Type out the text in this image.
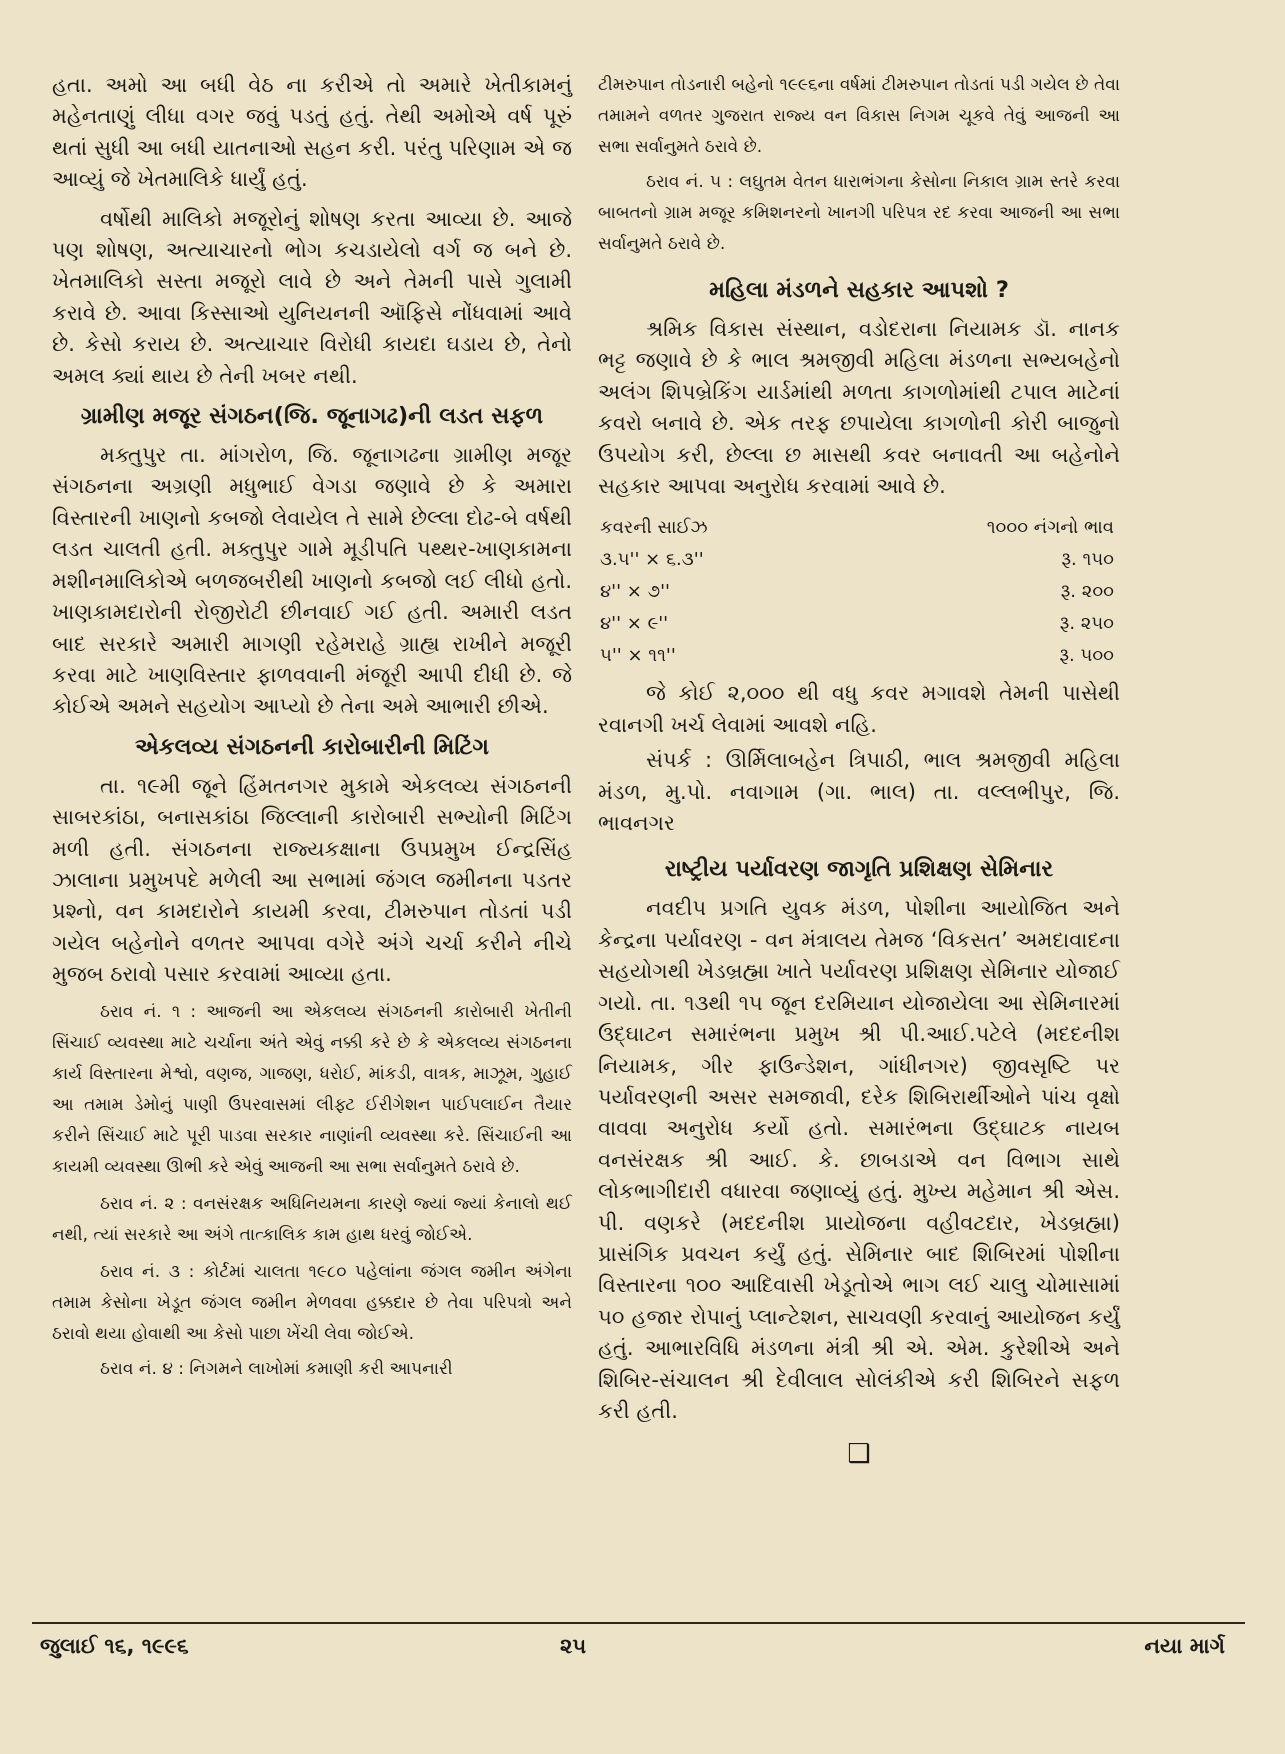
હતા. અમો આ બધી વેઠ ના કરીએ તો અમારે ખેતીકામનું મહેનતાણું લીધા વગર જવું પડતું હતું. તેથી અમોએ વર્ષ પૂરું થતાં સુધી આ બધી યાતનાઓ સહન કરી. પરંતુ પરિણામ એ જ આવ્યું જે ખેતમાલિકે ધાર્યું હતું.

વર્ષોથી માલિકો મજૂરોનું શોષણ કરતા આવ્યા છે. આજે પણ શોષણ, અત્યાચારનો ભોગ કચડાયેલો વર્ગ જ બને છે. ખેતમાલિકો સસ્તા મજૂરો લાવે છે અને તેમની પાસે ગુલામી કરાવે છે. આવા કિસ્સાઓ યુનિયનની ઑફિસે નોંધવામાં આવે છે. કેસો કરાય છે. અત્યાચાર વિરોધી કાયદા ઘડાય છે, તેનો અમલ ક્યાં થાય છે તેની ખબર નથી.

ગ્રામીણ મજૂર સંગઠન(જિ. જૂનાગઢ)ની લડત સફળ

મક્તુપુર તા. માંગરોળ, જિ. જૂનાગઢના ગ્રામીણ મજૂર સંગઠનના અગ્રણી મધુભાઈ વેગડા જણાવે છે કે અમારા વિસ્તારની ખાણનો કબજો લેવાયેલ તે સામે છેલ્લા દોઢ-બે વર્ષથી લડત ચાલતી હતી. મક્તુપુર ગામે મૂડીપતિ પથ્થર-ખાણકામના મશીનમાલિકોએ બળજબરીથી ખાણનો કબજો લઈ લીધો હતો. ખાણકામદારોની રોજીરોટી છીનવાઈ ગઈ હતી. અમારી લડત બાદ સરકારે અમારી માગણી રહેમરાહે ગ્રાહ્ય રાખીને મજૂરી કરવા માટે ખાણવિસ્તાર ફાળવવાની મંજૂરી આપી દીધી છે. જે કોઈએ અમને સહયોગ આપ્યો છે તેના અમે આભારી છીએ.

એકલવ્ય સંગઠનની કારોબારીની મિટિંગ

તા. ૧૯મી જૂને હિંમતનગર મુકામે એકલવ્ય સંગઠનની સાબરકાંઠા, બનાસકાંઠા જિલ્લાની કારોબારી સભ્યોની મિટિંગ મળી હતી. સંગઠનના રાજ્યકક્ષાના ઉપપ્રમુખ ઈન્દ્રસિંહ ઝાલાના પ્રમુખપદે મળેલી આ સભામાં જંગલ જમીનના પડતર પ્રશ્નો, વન કામદારોને કાયમી કરવા, ટીમરુપાન તોડતાં પડી ગયેલ બહેનોને વળતર આપવા વગેરે અંગે ચર્ચા કરીને નીચે મુજબ ઠરાવો પસાર કરવામાં આવ્યા હતા.

ઠરાવ નં. ૧ : આજની આ એકલવ્ય સંગઠનની કારોબારી ખેતીની સિંચાઈ વ્યવસ્થા માટે ચર્ચાના અંતે એવું નક્કી કરે છે કે એકલવ્ય સંગઠનના કાર્ય વિસ્તારના મેશ્વો, વણજ, ગાજણ, ધરોઈ, માંકડી, વાત્રક, માઝૂમ, ગુહાઈ આ તમામ ડેમોનું પાણી ઉપરવાસમાં લીફ્ટ ઈરીગેશન પાઈપલાઈન તૈયાર કરીને સિંચાઈ માટે પૂરી પાડવા સરકાર નાણાંની વ્યવસ્થા કરે. સિંચાઈની આ કાયમી વ્યવસ્થા ઊભી કરે એવું આજની આ સભા સર્વાનુમતે ઠરાવે છે.

ઠરાવ નં. ૨ : વનસંરક્ષક અધિનિયમના કારણે જ્યાં જ્યાં કેનાલો થઈ નથી, ત્યાં સરકારે આ અંગે તાત્કાલિક કામ હાથ ધરવું જોઈએ.

ઠરાવ નં. ૩ : કોર્ટમાં ચાલતા ૧૯૮૦ પહેલાંના જંગલ જમીન અંગેના તમામ કેસોના ખેડૂત જંગલ જમીન મેળવવા હક્કદાર છે તેવા પરિપત્રો અને ઠરાવો થયા હોવાથી આ કેસો પાછા ખેંચી લેવા જોઈએ.

ઠરાવ નં. ૪ : નિગમને લાખોમાં કમાણી કરી આપનારી

ટીમરુપાન તોડનારી બહેનો ૧૯૯૬ના વર્ષમાં ટીમરુપાન તોડતાં પડી ગયેલ છે તેવા તમામને વળતર ગુજરાત રાજ્ય વન વિકાસ નિગમ ચૂકવે તેવું આજની આ સભા સર્વાનુમતે ઠરાવે છે.

ઠરાવ નં. ૫ : લઘુતમ વેતન ધારાભંગના કેસોના નિકાલ ગ્રામ સ્તરે કરવા બાબતનો ગ્રામ મજૂર કમિશનરનો ખાનગી પરિપત્ર રદ કરવા આજની આ સભા સર્વાનુમતે ઠરાવે છે.

મહિલા મંડળને સહકાર આપશો ?

શ્રમિક વિકાસ સંસ્થાન, વડોદરાના નિયામક ડૉ. નાનક ભટ્ટ જણાવે છે કે ભાલ શ્રમજીવી મહિલા મંડળના સભ્યબહેનો અલંગ શિપબ્રેકિંગ યાર્ડમાંથી મળતા કાગળોમાંથી ટપાલ માટેનાં કવરો બનાવે છે. એક તરફ છપાયેલા કાગળોની કોરી બાજુનો ઉપયોગ કરી, છેલ્લા છ માસથી કવર બનાવતી આ બહેનોને સહકાર આપવા અનુરોધ કરવામાં આવે છે.

કવરની સાઈઝ	૧૦૦૦ નંગનો ભાવ
૩.૫'' × ૬.૩''	રૂ. ૧૫૦
૪'' × ૭''	રૂ. ૨૦૦
૪'' × ૯''	રૂ. ૨૫૦
૫'' × ૧૧''	રૂ. ૫૦૦

જે કોઈ ૨,૦૦૦ થી વધુ કવર મગાવશે તેમની પાસેથી રવાનગી ખર્ચ લેવામાં આવશે નહિ.

સંપર્ક : ઊર્મિલાબહેન ત્રિપાઠી, ભાલ શ્રમજીવી મહિલા મંડળ, મુ.પો. નવાગામ (ગા. ભાલ) તા. વલ્લભીપુર, જિ. ભાવનગર

રાષ્ટ્રીય પર્યાવરણ જાગૃતિ પ્રશિક્ષણ સેમિનાર

નવદીપ પ્રગતિ યુવક મંડળ, પોશીના આયોજિત અને કેન્દ્રના પર્યાવરણ - વન મંત્રાલય તેમજ ‘વિકસત’ અમદાવાદના સહયોગથી ખેડબ્રહ્મા ખાતે પર્યાવરણ પ્રશિક્ષણ સેમિનાર યોજાઈ ગયો. તા. ૧૩થી ૧૫ જૂન દરમિયાન યોજાયેલા આ સેમિનારમાં ઉદ્ઘાટન સમારંભના પ્રમુખ શ્રી પી.આઈ.પટેલે (મદદનીશ નિયામક, ગીર ફાઉન્ડેશન, ગાંધીનગર) જીવસૃષ્ટિ પર પર્યાવરણની અસર સમજાવી, દરેક શિબિરાર્થીઓને પાંચ વૃક્ષો વાવવા અનુરોધ કર્યો હતો. સમારંભના ઉદ્ઘાટક નાયબ વનસંરક્ષક શ્રી આઈ. કે. છાબડાએ વન વિભાગ સાથે લોકભાગીદારી વધારવા જણાવ્યું હતું. મુખ્ય મહેમાન શ્રી એસ. પી. વણકરે (મદદનીશ પ્રાયોજના વહીવટદાર, ખેડબ્રહ્મા) પ્રાસંગિક પ્રવચન કર્યું હતું. સેમિનાર બાદ શિબિરમાં પોશીના વિસ્તારના ૧૦૦ આદિવાસી ખેડૂતોએ ભાગ લઈ ચાલુ ચોમાસામાં ૫૦ હજાર રોપાનું પ્લાન્ટેશન, સાચવણી કરવાનું આયોજન કર્યું હતું. આભારવિધિ મંડળના મંત્રી શ્રી એ. એમ. કુરેશીએ અને શિબિર-સંચાલન શ્રી દેવીલાલ સોલંકીએ કરી શિબિરને સફળ કરી હતી.

❑
જુલાઈ ૧૬, ૧૯૯૬	૨૫	નયા માર્ગ
